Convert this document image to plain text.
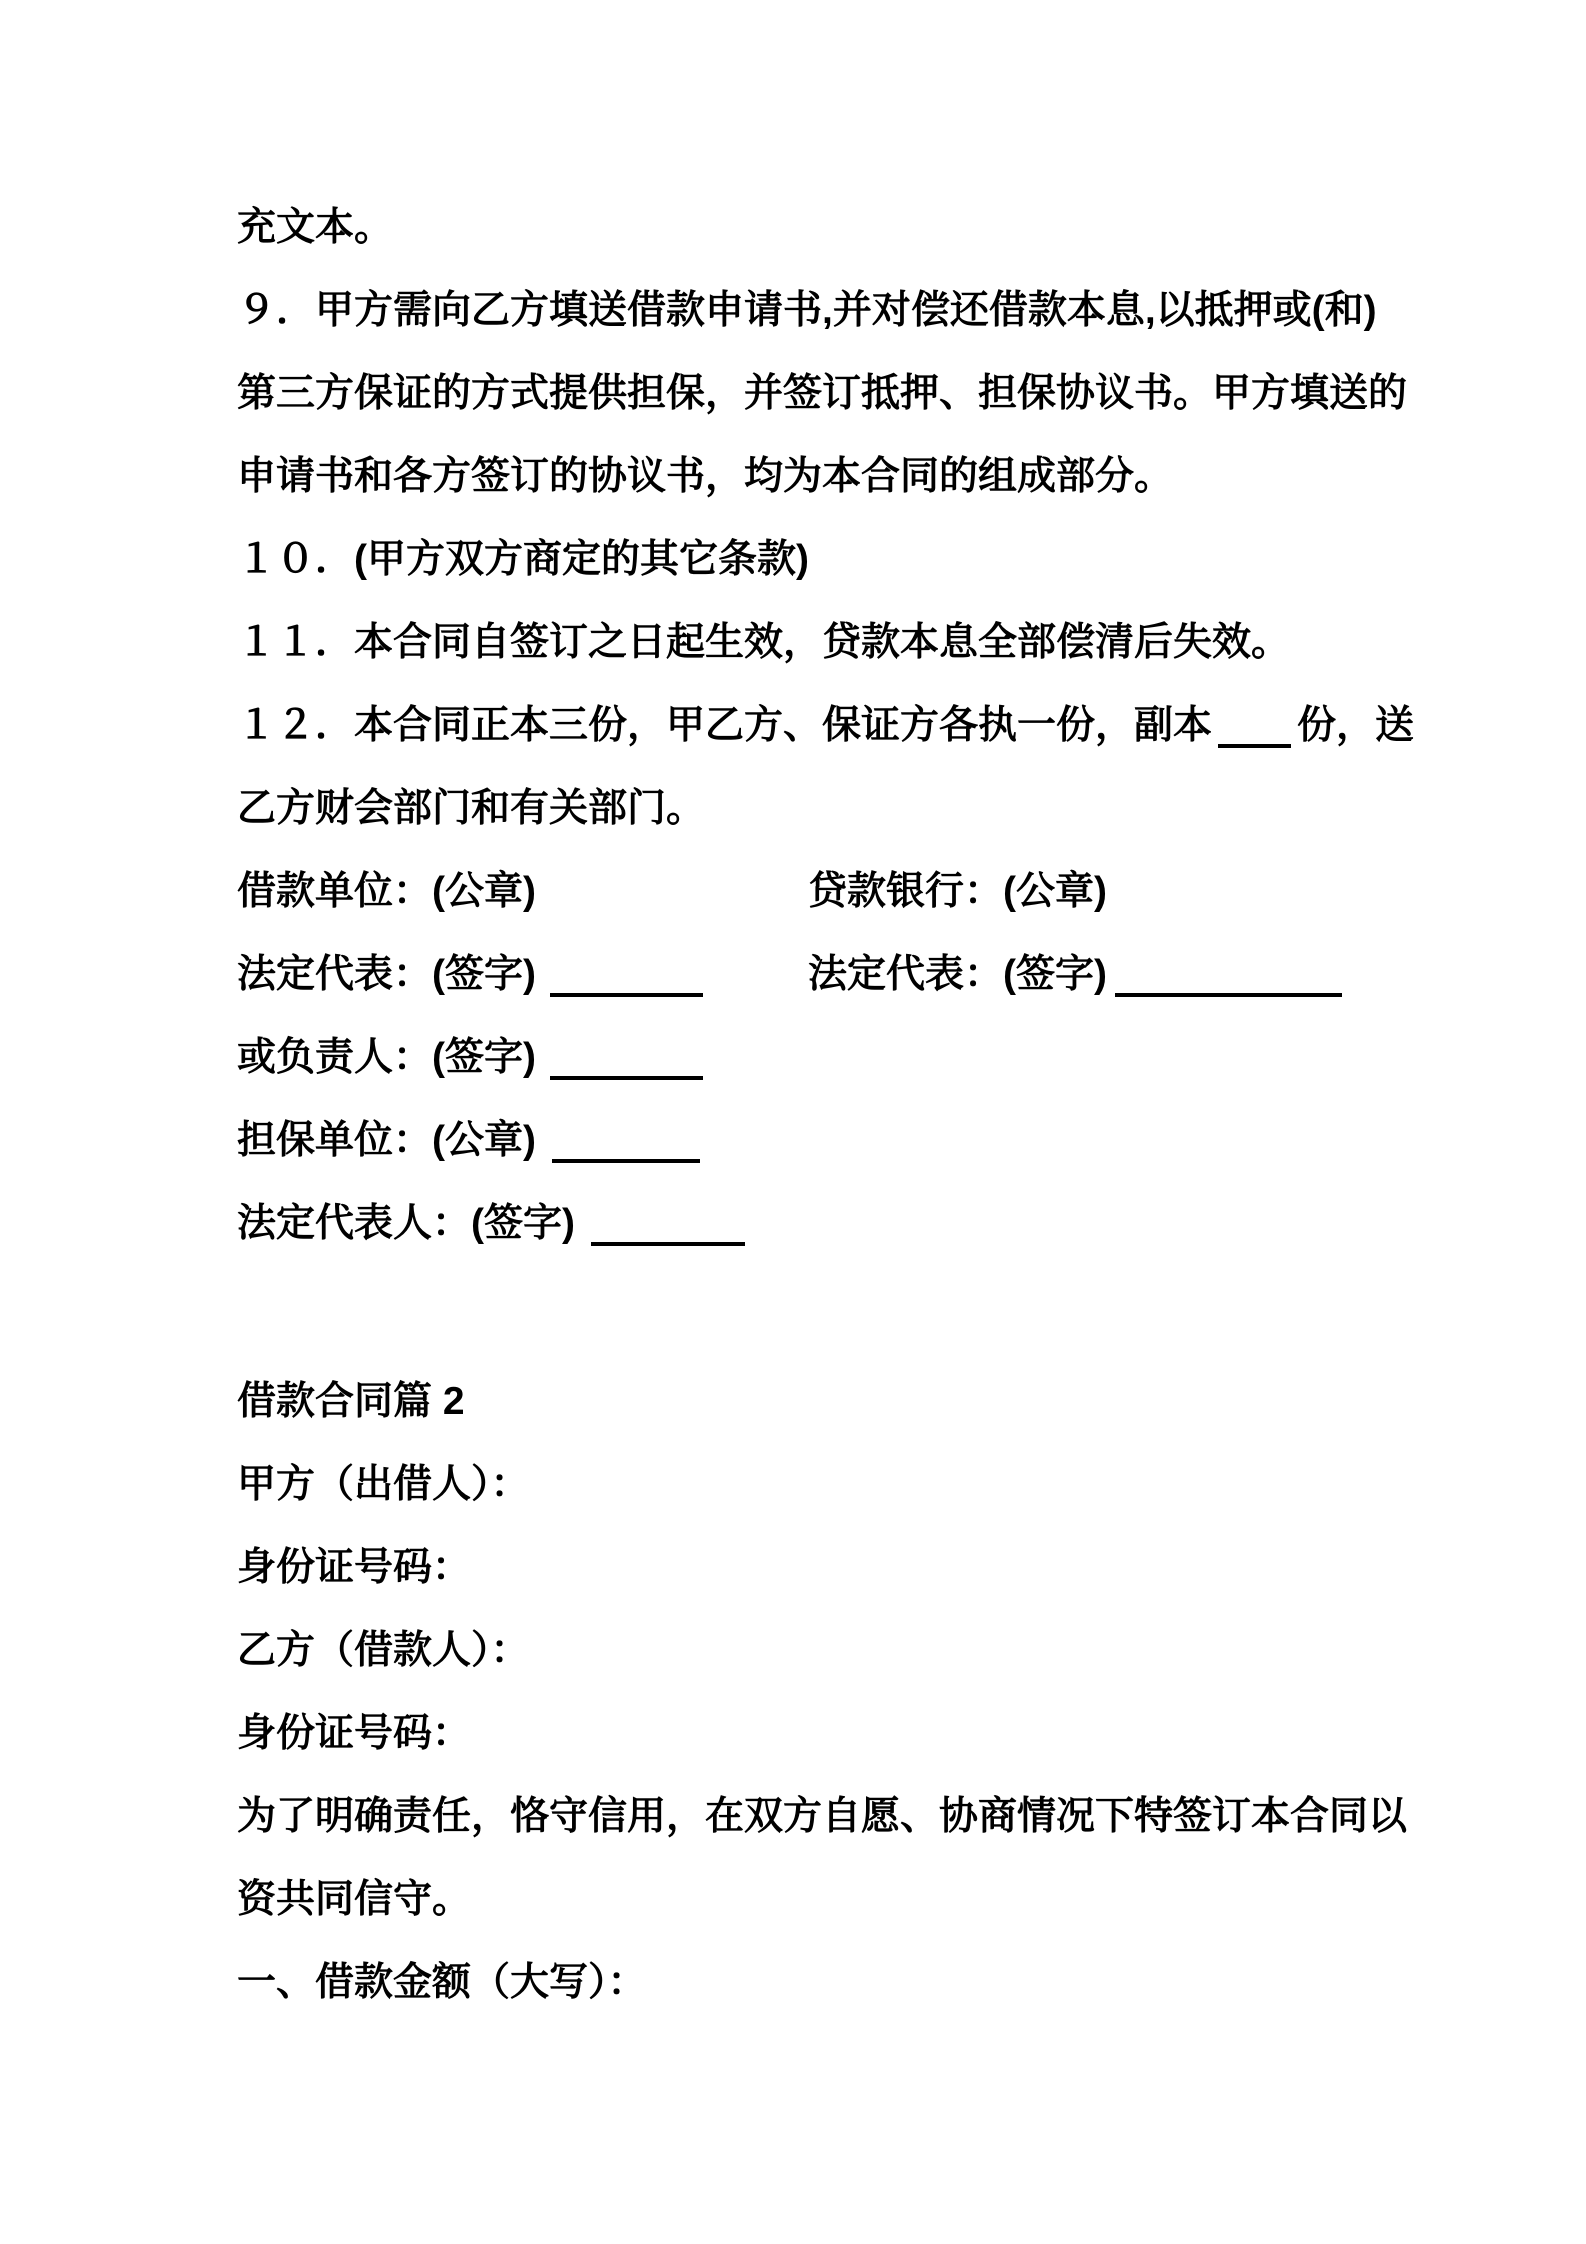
充文本。
９．甲方需向乙方填送借款申请书,并对偿还借款本息,以抵押或(和)
第三方保证的方式提供担保，并签订抵押、担保协议书。甲方填送的
申请书和各方签订的协议书，均为本合同的组成部分。
１０．(甲方双方商定的其它条款)
１１．本合同自签订之日起生效，贷款本息全部偿清后失效。
１２．本合同正本三份，甲乙方、保证方各执一份，副本 份，送
乙方财会部门和有关部门。
借款单位：(公章)	贷款银行：(公章)
法定代表：(签字)	法定代表：(签字)
或负责人：(签字)
担保单位：(公章)
法定代表人：(签字)
借款合同篇 2
甲方（出借人）：
身份证号码：
乙方（借款人）：
身份证号码：
为了明确责任，恪守信用，在双方自愿、协商情况下特签订本合同以
资共同信守。
一、借款金额（大写）：
